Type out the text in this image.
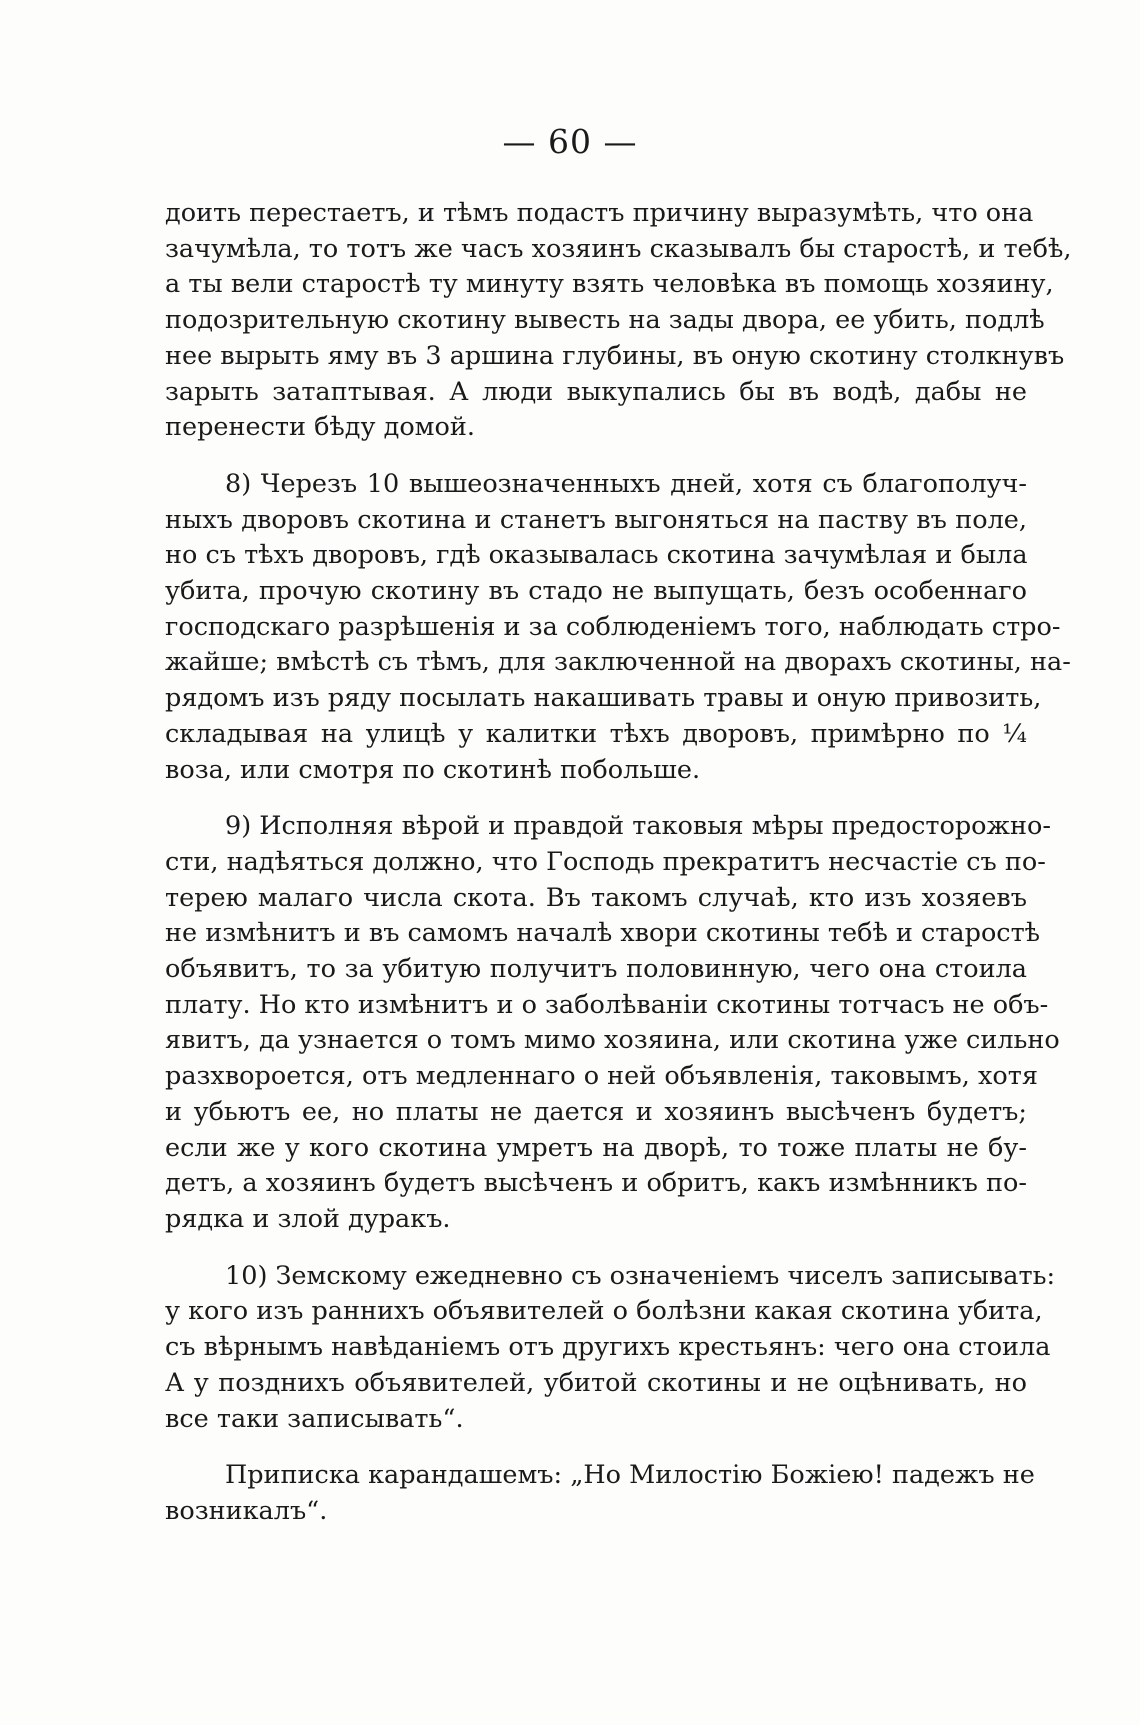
— 60 —
доить перестаетъ, и тѣмъ подастъ причину выразумѣть, что она
зачумѣла, то тотъ же часъ хозяинъ сказывалъ бы старостѣ, и тебѣ,
а ты вели старостѣ ту минуту взять человѣка въ помощь хозяину,
подозрительную скотину вывесть на зады двора, ее убить, подлѣ
нее вырыть яму въ 3 аршина глубины, въ оную скотину столкнувъ
зарыть затаптывая. А люди выкупались бы въ водѣ, дабы не
перенести бѣду домой.
8) Черезъ 10 вышеозначенныхъ дней, хотя съ благополуч-
ныхъ дворовъ скотина и станетъ выгоняться на паству въ поле,
но съ тѣхъ дворовъ, гдѣ оказывалась скотина зачумѣлая и была
убита, прочую скотину въ стадо не выпущать, безъ особеннаго
господскаго разрѣшенія и за соблюденіемъ того, наблюдать стро-
жайше; вмѣстѣ съ тѣмъ, для заключенной на дворахъ скотины, на-
рядомъ изъ ряду посылать накашивать травы и оную привозить,
складывая на улицѣ у калитки тѣхъ дворовъ, примѣрно по ¼
воза, или смотря по скотинѣ побольше.
9) Исполняя вѣрой и правдой таковыя мѣры предосторожно-
сти, надѣяться должно, что Господь прекратитъ несчастіе съ по-
терею малаго числа скота. Въ такомъ случаѣ, кто изъ хозяевъ
не измѣнитъ и въ самомъ началѣ хвори скотины тебѣ и старостѣ
объявитъ, то за убитую получитъ половинную, чего она стоила
плату. Но кто измѣнитъ и о заболѣваніи скотины тотчасъ не объ-
явитъ, да узнается о томъ мимо хозяина, или скотина уже сильно
разхвороется, отъ медленнаго о ней объявленія, таковымъ, хотя
и убьютъ ее, но платы не дается и хозяинъ высѣченъ будетъ;
если же у кого скотина умретъ на дворѣ, то тоже платы не бу-
детъ, а хозяинъ будетъ высѣченъ и обритъ, какъ измѣнникъ по-
рядка и злой дуракъ.
10) Земскому ежедневно съ означеніемъ чиселъ записывать:
у кого изъ раннихъ объявителей о болѣзни какая скотина убита,
съ вѣрнымъ навѣданіемъ отъ другихъ крестьянъ: чего она стоила
А у позднихъ объявителей, убитой скотины и не оцѣнивать, но
все таки записывать“.
Приписка карандашемъ: „Но Милостію Божіею! падежъ не
возникалъ“.
